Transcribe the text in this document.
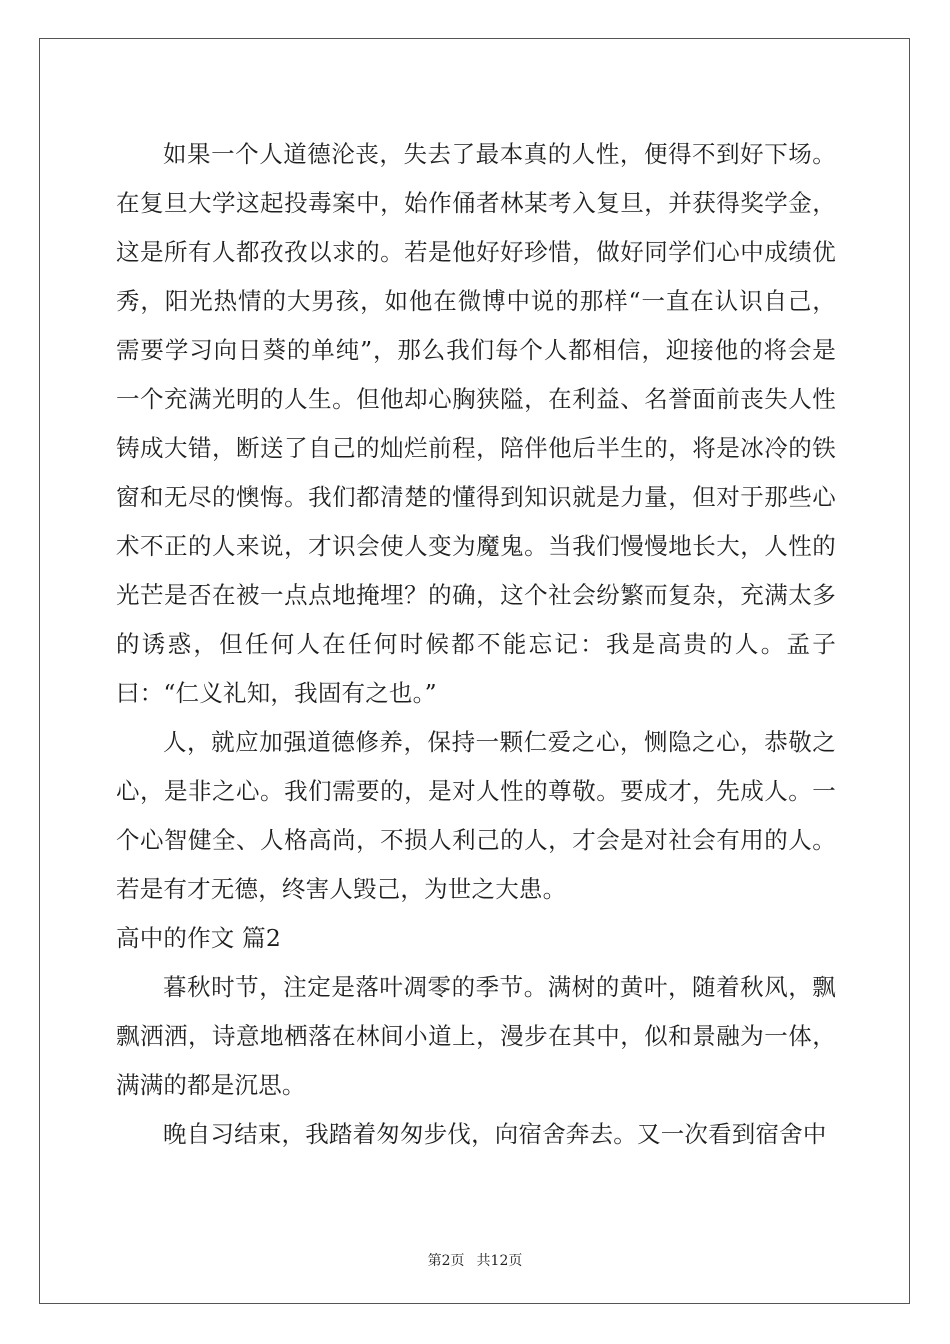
如果一个人道德沦丧，失去了最本真的人性，便得不到好下场。在复旦大学这起投毒案中，始作俑者林某考入复旦，并获得奖学金，这是所有人都孜孜以求的。若是他好好珍惜，做好同学们心中成绩优秀，阳光热情的大男孩，如他在微博中说的那样“一直在认识自己，需要学习向日葵的单纯”，那么我们每个人都相信，迎接他的将会是一个充满光明的人生。但他却心胸狭隘，在利益、名誉面前丧失人性铸成大错，断送了自己的灿烂前程，陪伴他后半生的，将是冰冷的铁窗和无尽的懊悔。我们都清楚的懂得到知识就是力量，但对于那些心术不正的人来说，才识会使人变为魔鬼。当我们慢慢地长大，人性的光芒是否在被一点点地掩埋？的确，这个社会纷繁而复杂，充满太多的诱惑，但任何人在任何时候都不能忘记：我是高贵的人。孟子曰：“仁义礼知，我固有之也。”

人，就应加强道德修养，保持一颗仁爱之心，恻隐之心，恭敬之心，是非之心。我们需要的，是对人性的尊敬。要成才，先成人。一个心智健全、人格高尚，不损人利己的人，才会是对社会有用的人。若是有才无德，终害人毁己，为世之大患。

高中的作文 篇2

暮秋时节，注定是落叶凋零的季节。满树的黄叶，随着秋风，飘飘洒洒，诗意地栖落在林间小道上，漫步在其中，似和景融为一体，满满的都是沉思。

晚自习结束，我踏着匆匆步伐，向宿舍奔去。又一次看到宿舍中

第2页 共12页
